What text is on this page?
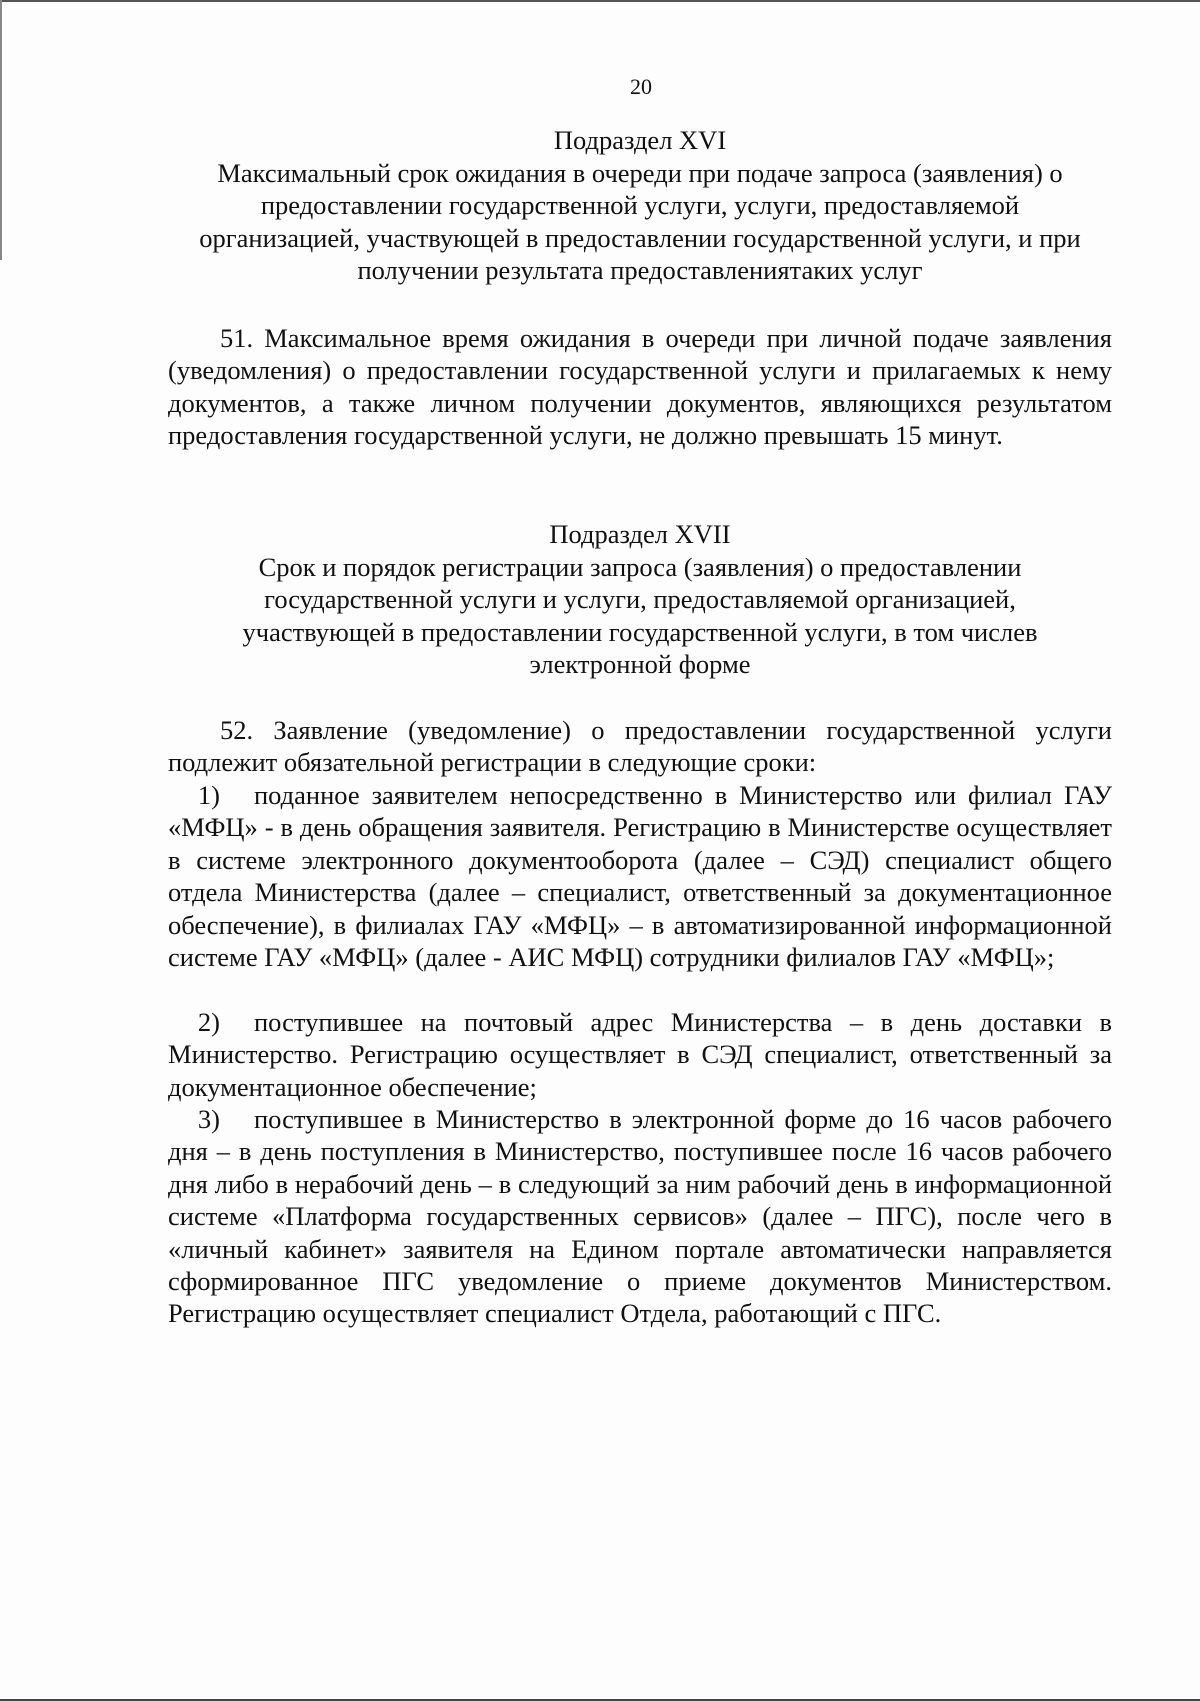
20
Подраздел XVI
Максимальный срок ожидания в очереди при подаче запроса (заявления) о
предоставлении государственной услуги, услуги, предоставляемой
организацией, участвующей в предоставлении государственной услуги, и при
получении результата предоставлениятаких услуг
51. Максимальное время ожидания в очереди при личной подаче заявления (уведомления) о предоставлении государственной услуги и прилагаемых к нему документов, а также личном получении документов, являющихся результатом предоставления государственной услуги, не должно превышать 15 минут.
Подраздел XVII
Срок и порядок регистрации запроса (заявления) о предоставлении
государственной услуги и услуги, предоставляемой организацией,
участвующей в предоставлении государственной услуги, в том числев
электронной форме
52. Заявление (уведомление) о предоставлении государственной услуги подлежит обязательной регистрации в следующие сроки:
1) поданное заявителем непосредственно в Министерство или филиал ГАУ «МФЦ» - в день обращения заявителя. Регистрацию в Министерстве осуществляет в системе электронного документооборота (далее – СЭД) специалист общего отдела Министерства (далее – специалист, ответственный за документационное обеспечение), в филиалах ГАУ «МФЦ» – в автоматизированной информационной системе ГАУ «МФЦ» (далее - АИС МФЦ) сотрудники филиалов ГАУ «МФЦ»;
2) поступившее на почтовый адрес Министерства – в день доставки в Министерство. Регистрацию осуществляет в СЭД специалист, ответственный за документационное обеспечение;
3) поступившее в Министерство в электронной форме до 16 часов рабочего дня – в день поступления в Министерство, поступившее после 16 часов рабочего дня либо в нерабочий день – в следующий за ним рабочий день в информационной системе «Платформа государственных сервисов» (далее – ПГС), после чего в «личный кабинет» заявителя на Едином портале автоматически направляется сформированное ПГС уведомление о приеме документов Министерством. Регистрацию осуществляет специалист Отдела, работающий с ПГС.
